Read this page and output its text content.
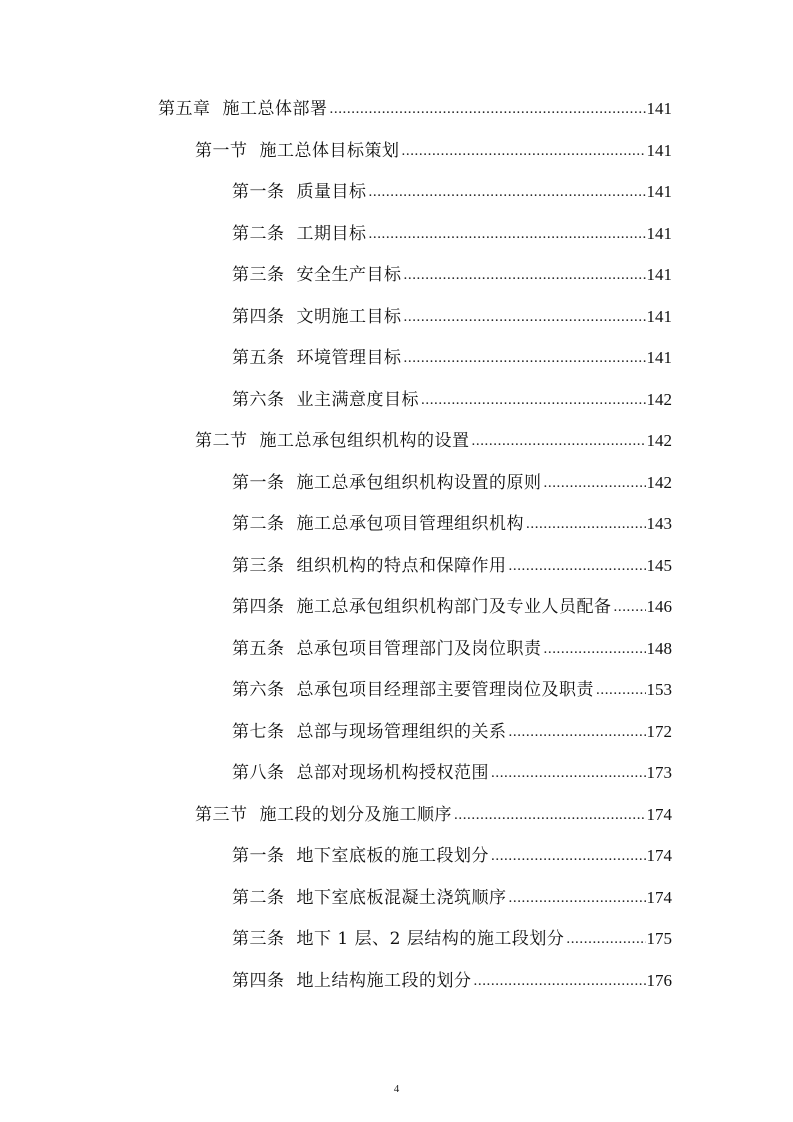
第五章 施工总体部署 .....	141
第一节 施工总体目标策划 .....	141
第一条 质量目标 .....	141
第二条 工期目标 .....	141
第三条 安全生产目标 .....	141
第四条 文明施工目标 .....	141
第五条 环境管理目标 .....	141
第六条 业主满意度目标 .....	142
第二节 施工总承包组织机构的设置 .....	142
第一条 施工总承包组织机构设置的原则 .....	142
第二条 施工总承包项目管理组织机构 .....	143
第三条 组织机构的特点和保障作用 .....	145
第四条 施工总承包组织机构部门及专业人员配备 ..... 146
第五条 总承包项目管理部门及岗位职责 .....	148
第六条 总承包项目经理部主要管理岗位及职责 .....	153
第七条 总部与现场管理组织的关系 .....	172
第八条 总部对现场机构授权范围 .....	173
第三节 施工段的划分及施工顺序 .....	174
第一条 地下室底板的施工段划分 .....	174
第二条 地下室底板混凝土浇筑顺序 .....	174
第三条 地下 1 层、2 层结构的施工段划分 .....	175
第四条 地上结构施工段的划分 .....	176
4
